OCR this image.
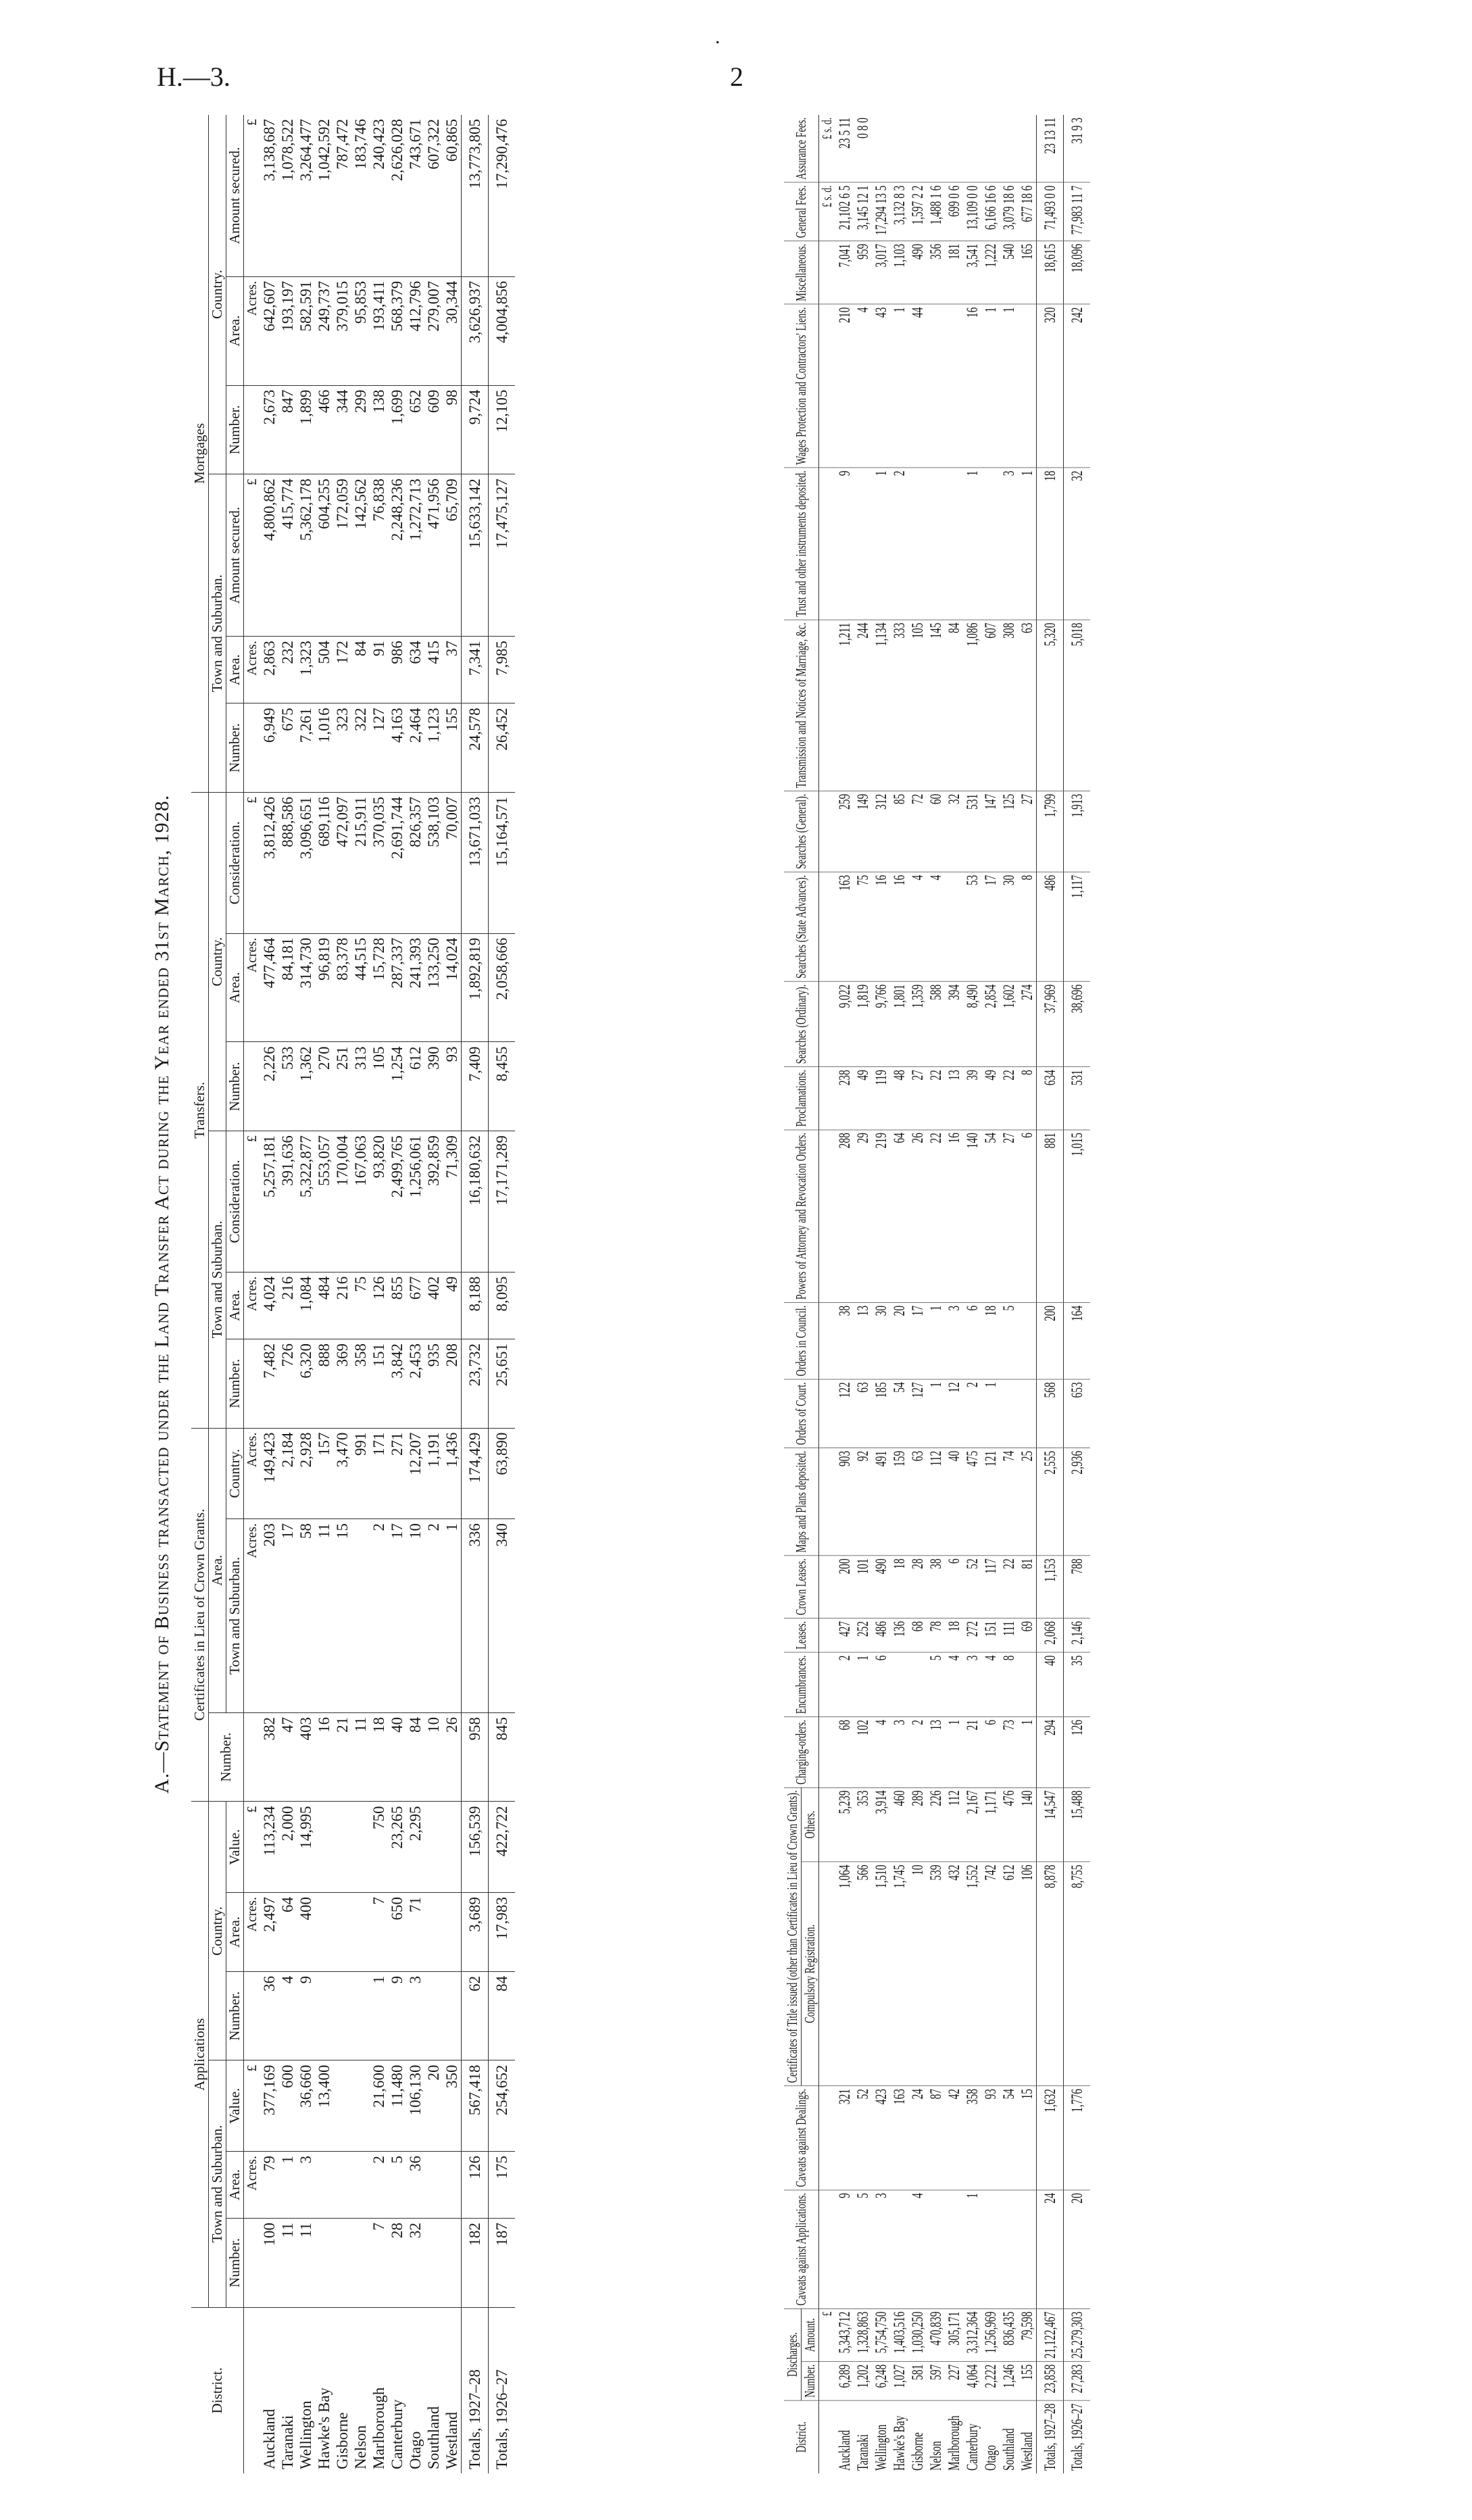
.
H.—3.	2
A.—Statement of Business transacted under the Land Transfer Act during the Year ended 31st March, 1928.
District.	Applications						Certificates in Lieu of Crown Grants.			Transfers.						Mortgages					
	Town and Suburban.			Country.			Number.	Area.		Town and Suburban.			Country.			Town and Suburban.			Country.		
	Number.	Area.	Value.	Number.	Area.	Value.		Town and Suburban.	Country.	Number.	Area.	Consideration.	Number.	Area.	Consideration.	Number.	Area.	Amount secured.	Number.	Area.	Amount secured.
		Acres.	£		Acres.	£		Acres.	Acres.		Acres.	£		Acres.	£		Acres.	£		Acres.	£
Auckland	100	79	377,169	36	2,497	113,234	382	203	149,423	7,482	4,024	5,257,181	2,226	477,464	3,812,426	6,949	2,863	4,800,862	2,673	642,607	3,138,687
Taranaki	11	1	600	4	64	2,000	47	17	2,184	726	216	391,636	533	84,181	888,586	675	232	415,774	847	193,197	1,078,522
Wellington	11	3	36,660	9	400	14,995	403	58	2,928	6,320	1,084	5,322,877	1,362	314,730	3,096,651	7,261	1,323	5,362,178	1,899	582,591	3,264,477
Hawke's Bay			13,400				16	11	157	888	484	553,057	270	96,819	689,116	1,016	504	604,255	466	249,737	1,042,592
Gisborne							21	15	3,470	369	216	170,004	251	83,378	472,097	323	172	172,059	344	379,015	787,472
Nelson							11		991	358	75	167,063	313	44,515	215,911	322	84	142,562	299	95,853	183,746
Marlborough	7	2	21,600	1	7	750	18	2	171	151	126	93,820	105	15,728	370,035	127	91	76,838	138	193,411	240,423
Canterbury	28	5	11,480	9	650	23,265	40	17	271	3,842	855	2,499,765	1,254	287,337	2,691,744	4,163	986	2,248,236	1,699	568,379	2,626,028
Otago	32	36	106,130	3	71	2,295	84	10	12,207	2,453	677	1,256,061	612	241,393	826,357	2,464	634	1,272,713	652	412,796	743,671
Southland			20				10	2	1,191	935	402	392,859	390	133,250	538,103	1,123	415	471,956	609	279,007	607,322
Westland			350				26	1	1,436	208	49	71,309	93	14,024	70,007	155	37	65,709	98	30,344	60,865
Totals, 1927–28	182	126	567,418	62	3,689	156,539	958	336	174,429	23,732	8,188	16,180,632	7,409	1,892,819	13,671,033	24,578	7,341	15,633,142	9,724	3,626,937	13,773,805
Totals, 1926–27	187	175	254,652	84	17,983	422,722	845	340	63,890	25,651	8,095	17,171,289	8,455	2,058,666	15,164,571	26,452	7,985	17,475,127	12,105	4,004,856	17,290,476
District.	Discharges.		Caveats against Applications.	Caveats against Dealings.	Certificates of Title issued (other than Certificates in Lieu of Crown Grants).		Charging-orders.	Encumbrances.	Leases.	Crown Leases.	Maps and Plans deposited.	Orders of Court.	Orders in Council.	Powers of Attorney and Revocation Orders.	Proclamations.	Searches (Ordinary).	Searches (State Advances).	Searches (General).	Transmission and Notices of Marriage, &c.	Trust and other instruments deposited.	Wages Protection and Contractors' Liens.	Miscellaneous.	General Fees.	Assurance Fees.
	Number.	Amount.			Compulsory Registration.	Others.																		
		£																					£ s. d.	£ s. d.
Auckland	6,289	5,343,712	9	321	1,064	5,239	68	2	427	200	903	122	38	288	238	9,022	163	259	1,211	9	210	7,041	21,102 6 5	23 5 11
Taranaki	1,202	1,328,863	5	52	566	353	102	1	252	101	92	63	13	29	49	1,819	75	149	244		4	959	3,145 12 1	0 8 0
Wellington	6,248	5,754,750	3	423	1,510	3,914	4	6	486	490	491	185	30	219	119	9,766	16	312	1,134	1	43	3,017	17,294 13 5	
Hawke's Bay	1,027	1,403,516		163	1,745	460	3		136	18	159	54	20	64	48	1,801	16	85	333	2	1	1,103	3,132 8 3	
Gisborne	581	1,030,250	4	24	10	289	2		68	28	63	127	17	26	27	1,359	4	72	105		44	490	1,597 2 2	
Nelson	597	470,839		87	539	226	13	5	78	38	112	1	1	22	22	588	4	60	145			356	1,488 1 6	
Marlborough	227	305,171		42	432	112	1	4	18	6	40	12	3	16	13	394		32	84			181	699 0 6	
Canterbury	4,064	3,312,364	1	358	1,552	2,167	21	3	272	52	475	2	6	140	39	8,490	53	531	1,086	1	16	3,541	13,109 0 0	
Otago	2,222	1,256,969		93	742	1,171	6	4	151	117	121	1	18	54	49	2,854	17	147	607		1	1,222	6,166 16 6	
Southland	1,246	836,435		54	612	476	73	8	111	22	74		5	27	22	1,602	30	125	308	3	1	540	3,079 18 6	
Westland	155	79,598		15	106	140	1		69	81	25			6	8	274	8	27	63	1		165	677 18 6	
Totals, 1927–28	23,858	21,122,467	24	1,632	8,878	14,547	294	40	2,068	1,153	2,555	568	200	881	634	37,969	486	1,799	5,320	18	320	18,615	71,493 0 0	23 13 11
Totals, 1926–27	27,283	25,279,303	20	1,776	8,755	15,488	126	35	2,146	788	2,936	653	164	1,015	531	38,696	1,117	1,913	5,018	32	242	18,096	77,983 11 7	31 9 3
